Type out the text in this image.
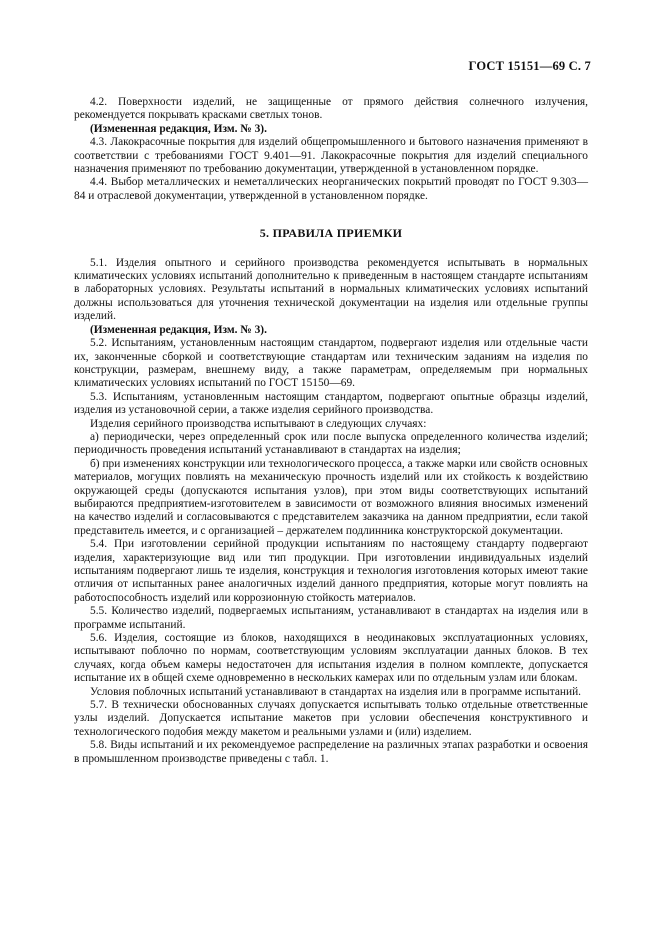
ГОСТ 15151—69 С. 7

4.2. Поверхности изделий, не защищенные от прямого действия солнечного излучения, рекомендуется покрывать красками светлых тонов.

(Измененная редакция, Изм. № 3).

4.3. Лакокрасочные покрытия для изделий общепромышленного и бытового назначения применяют в соответствии с требованиями ГОСТ 9.401—91. Лакокрасочные покрытия для изделий специального назначения применяют по требованию документации, утвержденной в установленном порядке.

4.4. Выбор металлических и неметаллических неорганических покрытий проводят по ГОСТ 9.303—84 и отраслевой документации, утвержденной в установленном порядке.

5. ПРАВИЛА ПРИЕМКИ

5.1. Изделия опытного и серийного производства рекомендуется испытывать в нормальных климатических условиях испытаний дополнительно к приведенным в настоящем стандарте испытаниям в лабораторных условиях. Результаты испытаний в нормальных климатических условиях испытаний должны использоваться для уточнения технической документации на изделия или отдельные группы изделий.

(Измененная редакция, Изм. № 3).

5.2. Испытаниям, установленным настоящим стандартом, подвергают изделия или отдельные части их, законченные сборкой и соответствующие стандартам или техническим заданиям на изделия по конструкции, размерам, внешнему виду, а также параметрам, определяемым при нормальных климатических условиях испытаний по ГОСТ 15150—69.

5.3. Испытаниям, установленным настоящим стандартом, подвергают опытные образцы изделий, изделия из установочной серии, а также изделия серийного производства.

Изделия серийного производства испытывают в следующих случаях:

а) периодически, через определенный срок или после выпуска определенного количества изделий; периодичность проведения испытаний устанавливают в стандартах на изделия;

б) при изменениях конструкции или технологического процесса, а также марки или свойств основных материалов, могущих повлиять на механическую прочность изделий или их стойкость к воздействию окружающей среды (допускаются испытания узлов), при этом виды соответствующих испытаний выбираются предприятием-изготовителем в зависимости от возможного влияния вносимых изменений на качество изделий и согласовываются с представителем заказчика на данном предприятии, если такой представитель имеется, и с организацией – держателем подлинника конструкторской документации.

5.4. При изготовлении серийной продукции испытаниям по настоящему стандарту подвергают изделия, характеризующие вид или тип продукции. При изготовлении индивидуальных изделий испытаниям подвергают лишь те изделия, конструкция и технология изготовления которых имеют такие отличия от испытанных ранее аналогичных изделий данного предприятия, которые могут повлиять на работоспособность изделий или коррозионную стойкость материалов.

5.5. Количество изделий, подвергаемых испытаниям, устанавливают в стандартах на изделия или в программе испытаний.

5.6. Изделия, состоящие из блоков, находящихся в неодинаковых эксплуатационных условиях, испытывают поблочно по нормам, соответствующим условиям эксплуатации данных блоков. В тех случаях, когда объем камеры недостаточен для испытания изделия в полном комплекте, допускается испытание их в общей схеме одновременно в нескольких камерах или по отдельным узлам или блокам.

Условия поблочных испытаний устанавливают в стандартах на изделия или в программе испытаний.

5.7. В технически обоснованных случаях допускается испытывать только отдельные ответственные узлы изделий. Допускается испытание макетов при условии обеспечения конструктивного и технологического подобия между макетом и реальными узлами и (или) изделием.

5.8. Виды испытаний и их рекомендуемое распределение на различных этапах разработки и освоения в промышленном производстве приведены с табл. 1.
